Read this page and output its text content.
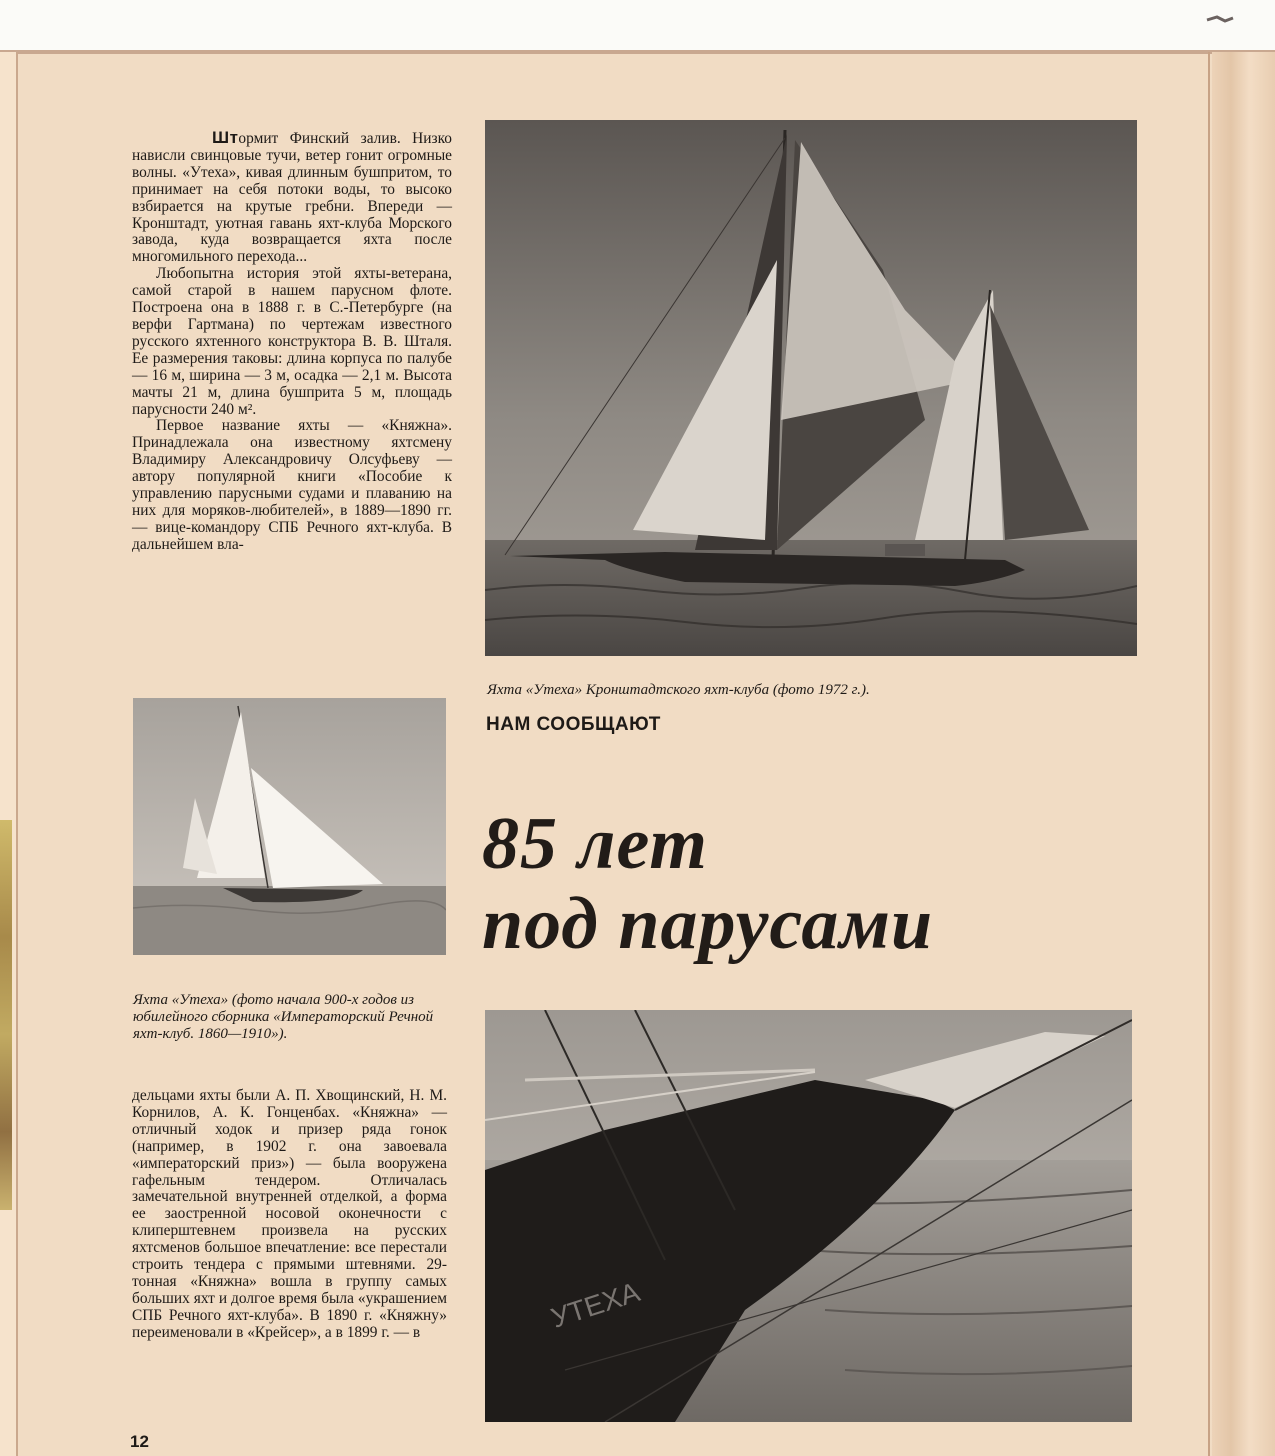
Штормит Финский залив. Низко нависли свинцовые тучи, ветер гонит огромные волны. «Утеха», кивая длинным бушпритом, то принимает на себя потоки воды, то высоко взбирается на крутые гребни. Впереди — Кронштадт, уютная гавань яхт-клуба Морского завода, куда возвращается яхта после многомильного перехода...

Любопытна история этой яхты-ветерана, самой старой в нашем парусном флоте. Построена она в 1888 г. в С.-Петербурге (на верфи Гартмана) по чертежам известного русского яхтенного конструктора В. В. Шталя. Ее размерения таковы: длина корпуса по палубе — 16 м, ширина — 3 м, осадка — 2,1 м. Высота мачты 21 м, длина бушприта 5 м, площадь парусности 240 м².

Первое название яхты — «Княжна». Принадлежала она известному яхтсмену Владимиру Александровичу Олсуфьеву — автору популярной книги «Пособие к управлению парусными судами и плаванию на них для моряков-любителей», в 1889—1890 гг. — вице-командору СПБ Речного яхт-клуба. В дальнейшем вла-

Яхта «Утеха» Кронштадтского яхт-клуба (фото 1972 г.).
НАМ СООБЩАЮТ
Яхта «Утеха» (фото начала 900-х годов из юбилейного сборника «Императорский Речной яхт-клуб. 1860—1910»).
85 лет
под парусами

дельцами яхты были А. П. Хвощинский, Н. М. Корнилов, А. К. Гонценбах. «Княжна» — отличный ходок и призер ряда гонок (например, в 1902 г. она завоевала «императорский приз») — была вооружена гафельным тендером. Отличалась замечательной внутренней отделкой, а форма ее заостренной носовой оконечности с клиперштевнем произвела на русских яхтсменов большое впечатление: все перестали строить тендера с прямыми штевнями. 29-тонная «Княжна» вошла в группу самых больших яхт и долгое время была «украшением СПБ Речного яхт-клуба». В 1890 г. «Княжну» переименовали в «Крейсер», а в 1899 г. — в	УТЕХА
12
